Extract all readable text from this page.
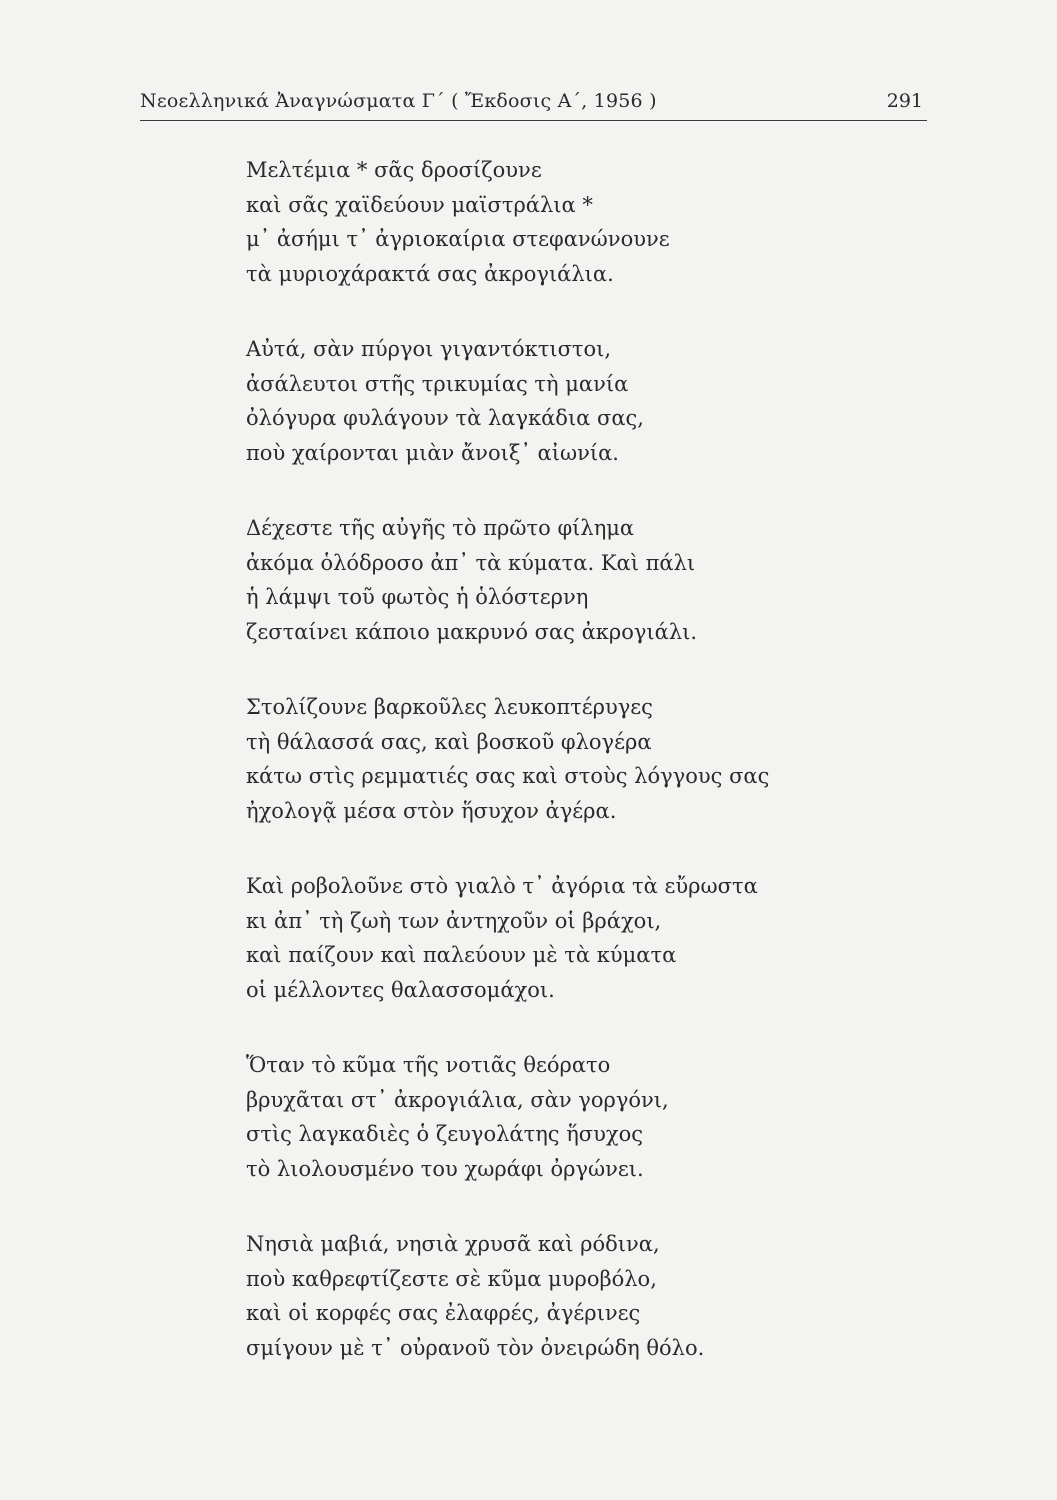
Νεοελληνικά Ἀναγνώσματα Γ´ ( Ἔκδοσις Α´, 1956 )	291
Μελτέμια * σᾶς δροσίζουνε
καὶ σᾶς χαϊδεύουν μαϊστράλια *
μ᾽ ἀσήμι τ᾽ ἀγριοκαίρια στεφανώνουνε
τὰ μυριοχάρακτά σας ἀκρογιάλια.
Αὐτά, σὰν πύργοι γιγαντόκτιστοι,
ἀσάλευτοι στῆς τρικυμίας τὴ μανία
ὀλόγυρα φυλάγουν τὰ λαγκάδια σας,
ποὺ χαίρονται μιὰν ἄνοιξ᾽ αἰωνία.
Δέχεστε τῆς αὐγῆς τὸ πρῶτο φίλημα
ἀκόμα ὁλόδροσο ἀπ᾽ τὰ κύματα. Καὶ πάλι
ἡ λάμψι τοῦ φωτὸς ἡ ὁλόστερνη
ζεσταίνει κάποιο μακρυνό σας ἀκρογιάλι.
Στολίζουνε βαρκοῦλες λευκοπτέρυγες
τὴ θάλασσά σας, καὶ βοσκοῦ φλογέρα
κάτω στὶς ρεμματιές σας καὶ στοὺς λόγγους σας
ἠχολογᾷ μέσα στὸν ἥσυχον ἀγέρα.
Καὶ ροβολοῦνε στὸ γιαλὸ τ᾽ ἀγόρια τὰ εὔρωστα
κι ἀπ᾽ τὴ ζωὴ των ἀντηχοῦν οἱ βράχοι,
καὶ παίζουν καὶ παλεύουν μὲ τὰ κύματα
οἱ μέλλοντες θαλασσομάχοι.
Ὅταν τὸ κῦμα τῆς νοτιᾶς θεόρατο
βρυχᾶται στ᾽ ἀκρογιάλια, σὰν γοργόνι,
στὶς λαγκαδιὲς ὁ ζευγολάτης ἥσυχος
τὸ λιολουσμένο του χωράφι ὀργώνει.
Νησιὰ μαβιά, νησιὰ χρυσᾶ καὶ ρόδινα,
ποὺ καθρεφτίζεστε σὲ κῦμα μυροβόλο,
καὶ οἱ κορφές σας ἐλαφρές, ἀγέρινες
σμίγουν μὲ τ᾽ οὐρανοῦ τὸν ὀνειρώδη θόλο.
